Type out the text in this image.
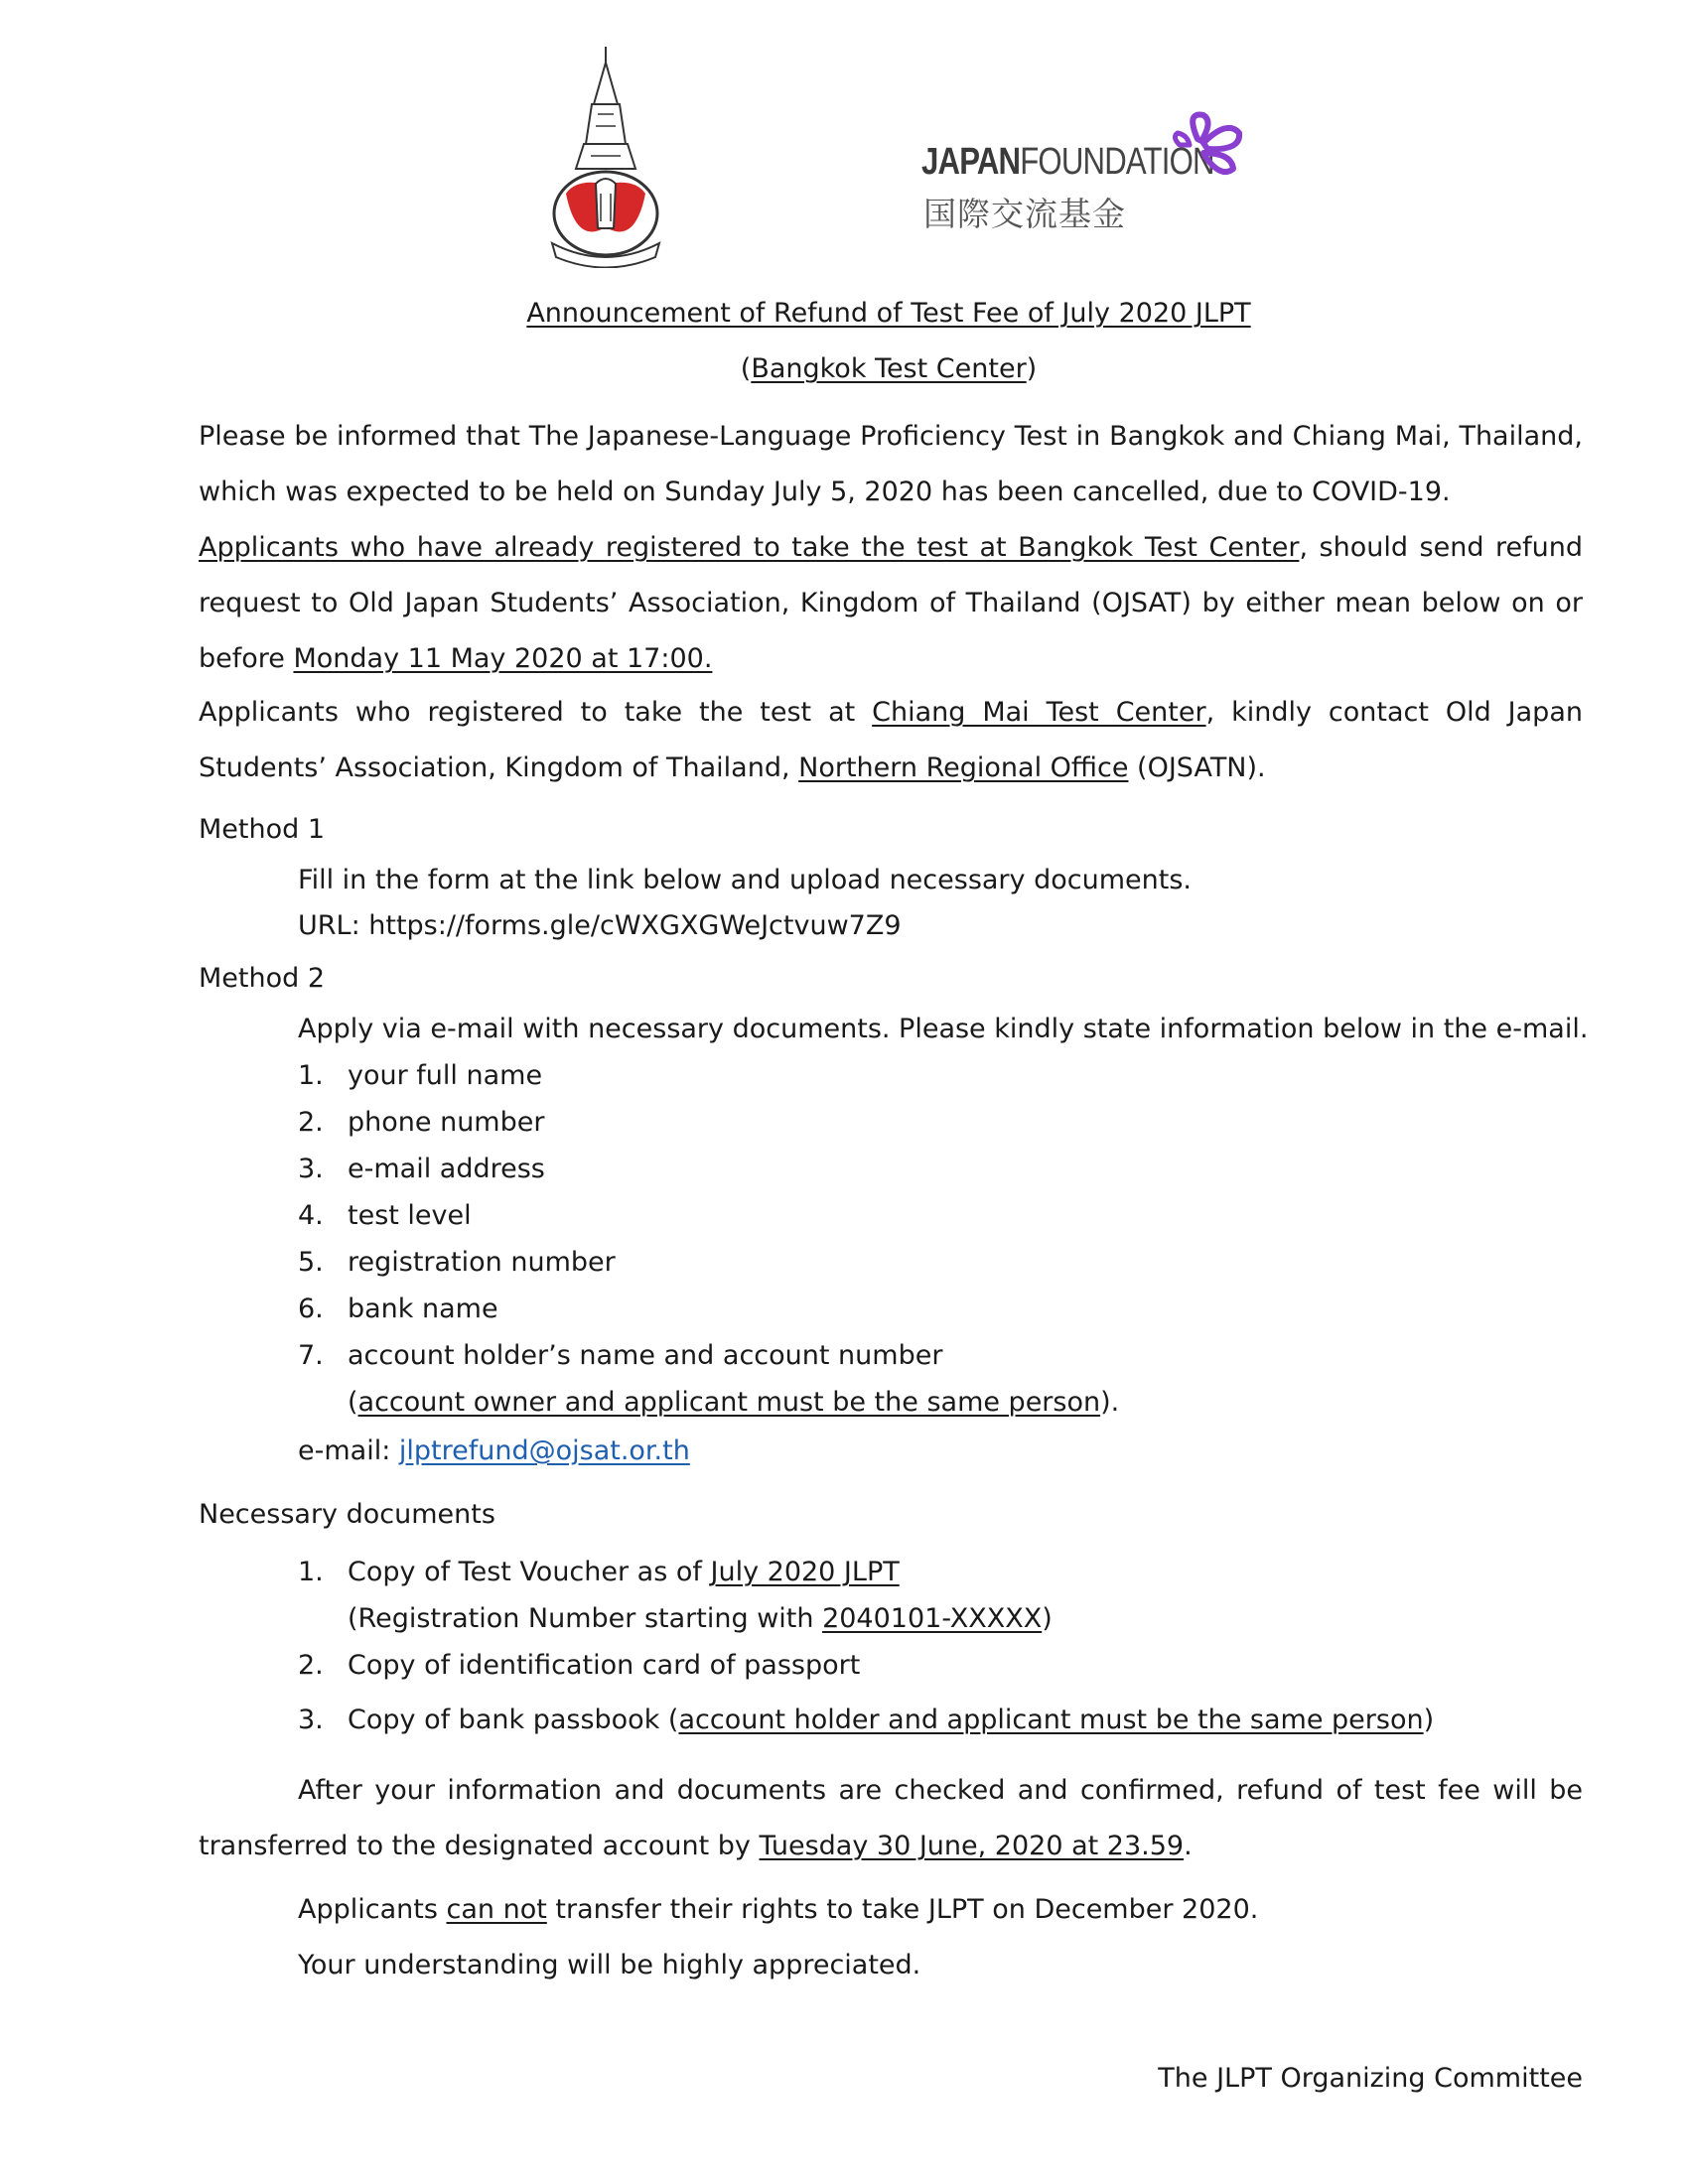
JAPANFOUNDATION
国際交流基金
Announcement of Refund of Test Fee of July 2020 JLPT
(Bangkok Test Center)
Please be informed that The Japanese-Language Proficiency Test in Bangkok and Chiang Mai, Thailand, which was expected to be held on Sunday July 5, 2020 has been cancelled, due to COVID-19.
Applicants who have already registered to take the test at Bangkok Test Center, should send refund request to Old Japan Students’ Association, Kingdom of Thailand (OJSAT) by either mean below on or before Monday 11 May 2020 at 17:00.
Applicants who registered to take the test at Chiang Mai Test Center, kindly contact Old Japan Students’ Association, Kingdom of Thailand, Northern Regional Office (OJSATN).
Method 1
Fill in the form at the link below and upload necessary documents.
URL: https://forms.gle/cWXGXGWeJctvuw7Z9
Method 2
Apply via e-mail with necessary documents. Please kindly state information below in the e-mail.
1. your full name
2. phone number
3. e-mail address
4. test level
5. registration number
6. bank name
7. account holder’s name and account number
(account owner and applicant must be the same person).
e-mail: jlptrefund@ojsat.or.th
Necessary documents
1. Copy of Test Voucher as of July 2020 JLPT
(Registration Number starting with 2040101-XXXXX)
2. Copy of identification card of passport
3. Copy of bank passbook (account holder and applicant must be the same person)
After your information and documents are checked and confirmed, refund of test fee will be transferred to the designated account by Tuesday 30 June, 2020 at 23.59.
Applicants can not transfer their rights to take JLPT on December 2020.
Your understanding will be highly appreciated.
The JLPT Organizing Committee
